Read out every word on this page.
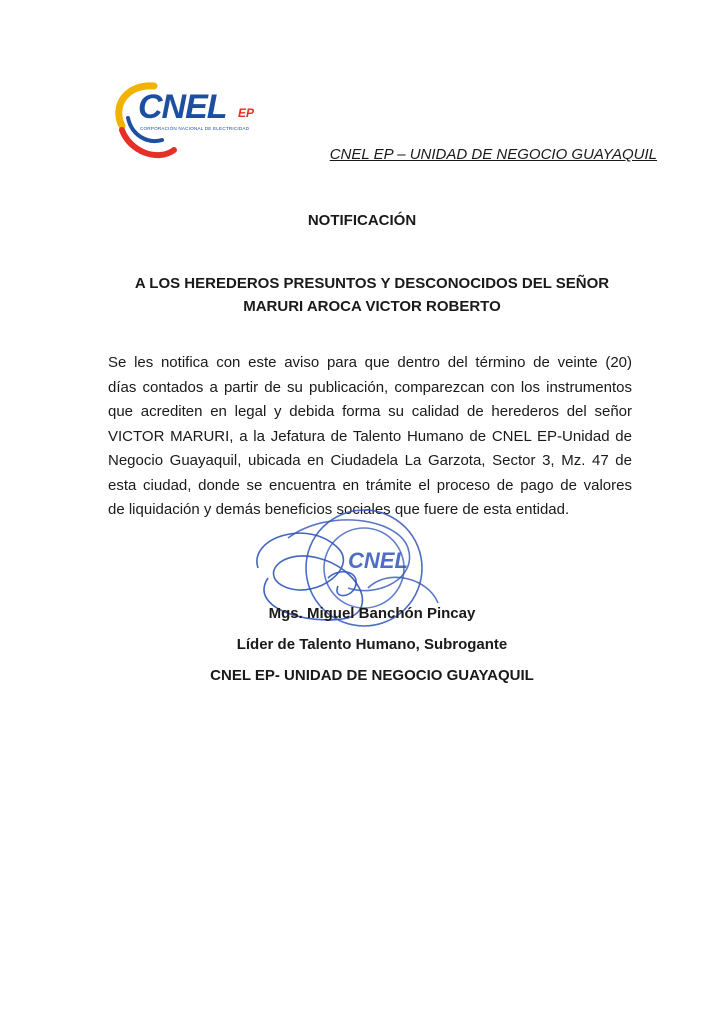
CNEL EP
CORPORACIÓN NACIONAL DE ELECTRICIDAD
CNEL EP – UNIDAD DE NEGOCIO GUAYAQUIL
NOTIFICACIÓN
A LOS HEREDEROS PRESUNTOS Y DESCONOCIDOS DEL SEÑOR
MARURI AROCA VICTOR ROBERTO
Se les notifica con este aviso para que dentro del término de veinte (20)
días contados a partir de su publicación, comparezcan con los instrumentos
que acrediten en legal y debida forma su calidad de herederos del señor
VICTOR MARURI, a la Jefatura de Talento Humano de CNEL EP-Unidad de
Negocio Guayaquil, ubicada en Ciudadela La Garzota, Sector 3, Mz. 47 de
esta ciudad, donde se encuentra en trámite el proceso de pago de valores
de liquidación y demás beneficios sociales que fuere de esta entidad.
CNEL
Mgs. Miguel Banchón Pincay
Líder de Talento Humano, Subrogante
CNEL EP- UNIDAD DE NEGOCIO GUAYAQUIL
